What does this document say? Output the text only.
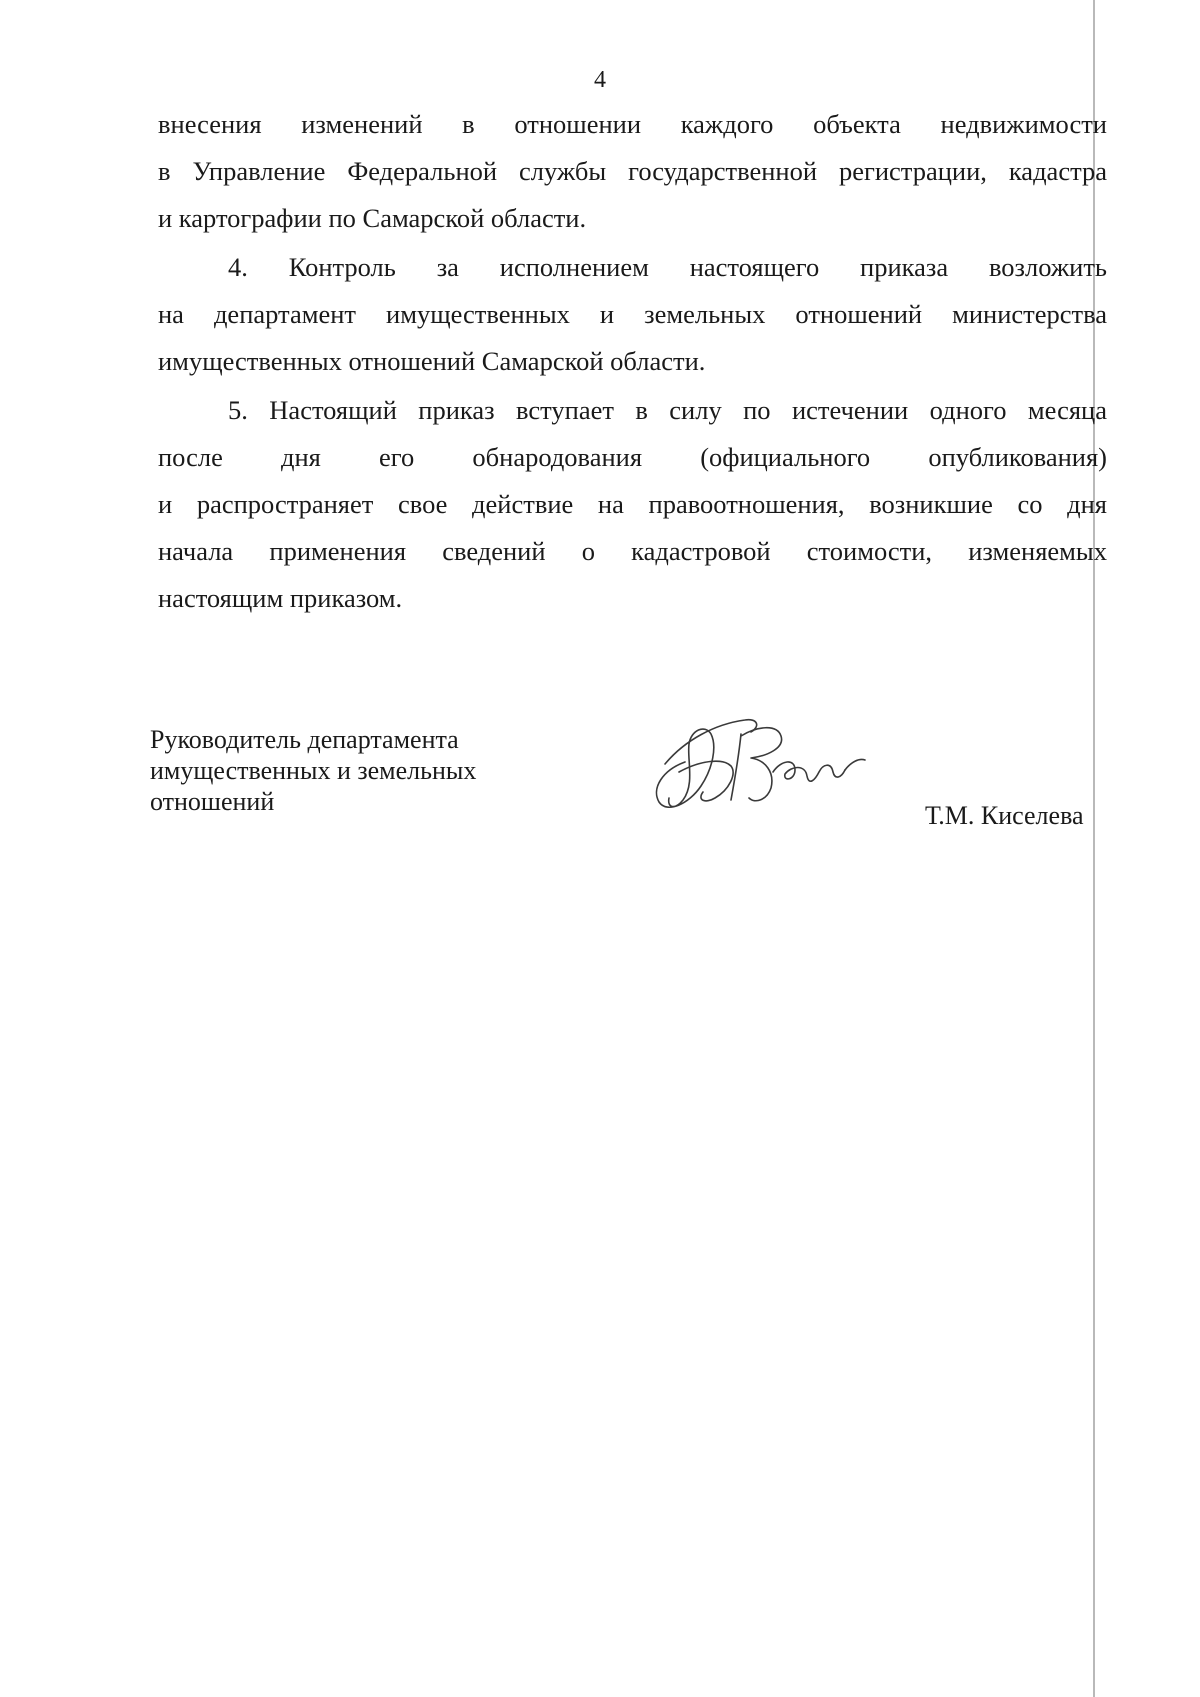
4
внесения изменений в отношении каждого объекта недвижимости
в Управление Федеральной службы государственной регистрации, кадастра
и картографии по Самарской области.
4. Контроль за исполнением настоящего приказа возложить
на департамент имущественных и земельных отношений министерства
имущественных отношений Самарской области.
5. Настоящий приказ вступает в силу по истечении одного месяца
после дня его обнародования (официального опубликования)
и распространяет свое действие на правоотношения, возникшие со дня
начала применения сведений о кадастровой стоимости, изменяемых
настоящим приказом.
Руководитель департамента
имущественных и земельных
отношений	Т.М. Киселева
